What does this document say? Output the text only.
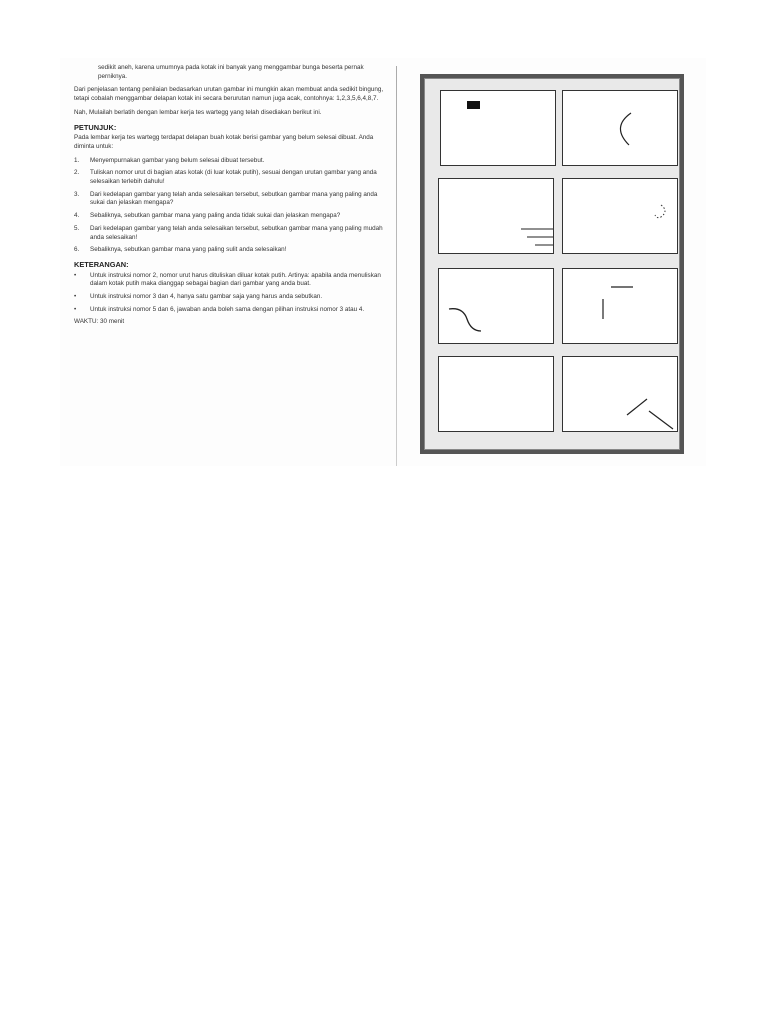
sedikit aneh, karena umumnya pada kotak ini banyak yang menggambar bunga beserta pernak perniknya.

Dari penjelasan tentang penilaian bedasarkan urutan gambar ini mungkin akan membuat anda sedikit bingung, tetapi cobalah menggambar delapan kotak ini secara berurutan namun juga acak, contohnya: 1,2,3,5,6,4,8,7.

Nah, Mulailah berlatih dengan lembar kerja tes wartegg yang telah disediakan berikut ini.

PETUNJUK:

Pada lembar kerja tes wartegg terdapat delapan buah kotak berisi gambar yang belum selesai dibuat. Anda diminta untuk:

1. Menyempurnakan gambar yang belum selesai dibuat tersebut.
2. Tuliskan nomor urut di bagian atas kotak (di luar kotak putih), sesuai dengan urutan gambar yang anda selesaikan terlebih dahulu!
3. Dari kedelapan gambar yang telah anda selesaikan tersebut, sebutkan gambar mana yang paling anda sukai dan jelaskan mengapa?
4. Sebaliknya, sebutkan gambar mana yang paling anda tidak sukai dan jelaskan mengapa?
5. Dari kedelapan gambar yang telah anda selesaikan tersebut, sebutkan gambar mana yang paling mudah anda selesaikan!
6. Sebaliknya, sebutkan gambar mana yang paling sulit anda selesaikan!
KETERANGAN:
• Untuk instruksi nomor 2, nomor urut harus dituliskan diluar kotak putih. Artinya: apabila anda menuliskan dalam kotak putih maka dianggap sebagai bagian dari gambar yang anda buat.
• Untuk instruksi nomor 3 dan 4, hanya satu gambar saja yang harus anda sebutkan.
• Untuk instruksi nomor 5 dan 6, jawaban anda boleh sama dengan pilihan instruksi nomor 3 atau 4.

WAKTU: 30 menit
